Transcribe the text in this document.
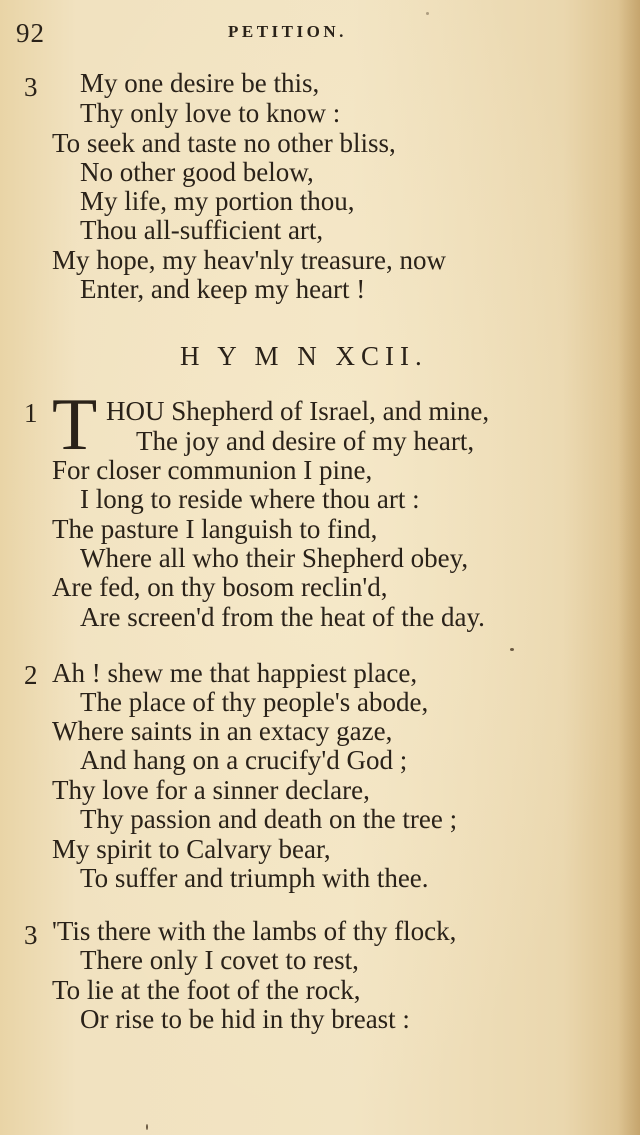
92	PETITION.
3 My one desire be this,
Thy only love to know :
To seek and taste no other bliss,
No other good below,
My life, my portion thou,
Thou all-sufficient art,
My hope, my heav'nly treasure, now
Enter, and keep my heart !
H Y M N XCII.
1 T HOU Shepherd of Israel, and mine,
The joy and desire of my heart,
For closer communion I pine,
I long to reside where thou art :
The pasture I languish to find,
Where all who their Shepherd obey,
Are fed, on thy bosom reclin'd,
Are screen'd from the heat of the day.
2 Ah ! shew me that happiest place,
The place of thy people's abode,
Where saints in an extacy gaze,
And hang on a crucify'd God ;
Thy love for a sinner declare,
Thy passion and death on the tree ;
My spirit to Calvary bear,
To suffer and triumph with thee.
3 'Tis there with the lambs of thy flock,
There only I covet to rest,
To lie at the foot of the rock,
Or rise to be hid in thy breast :
